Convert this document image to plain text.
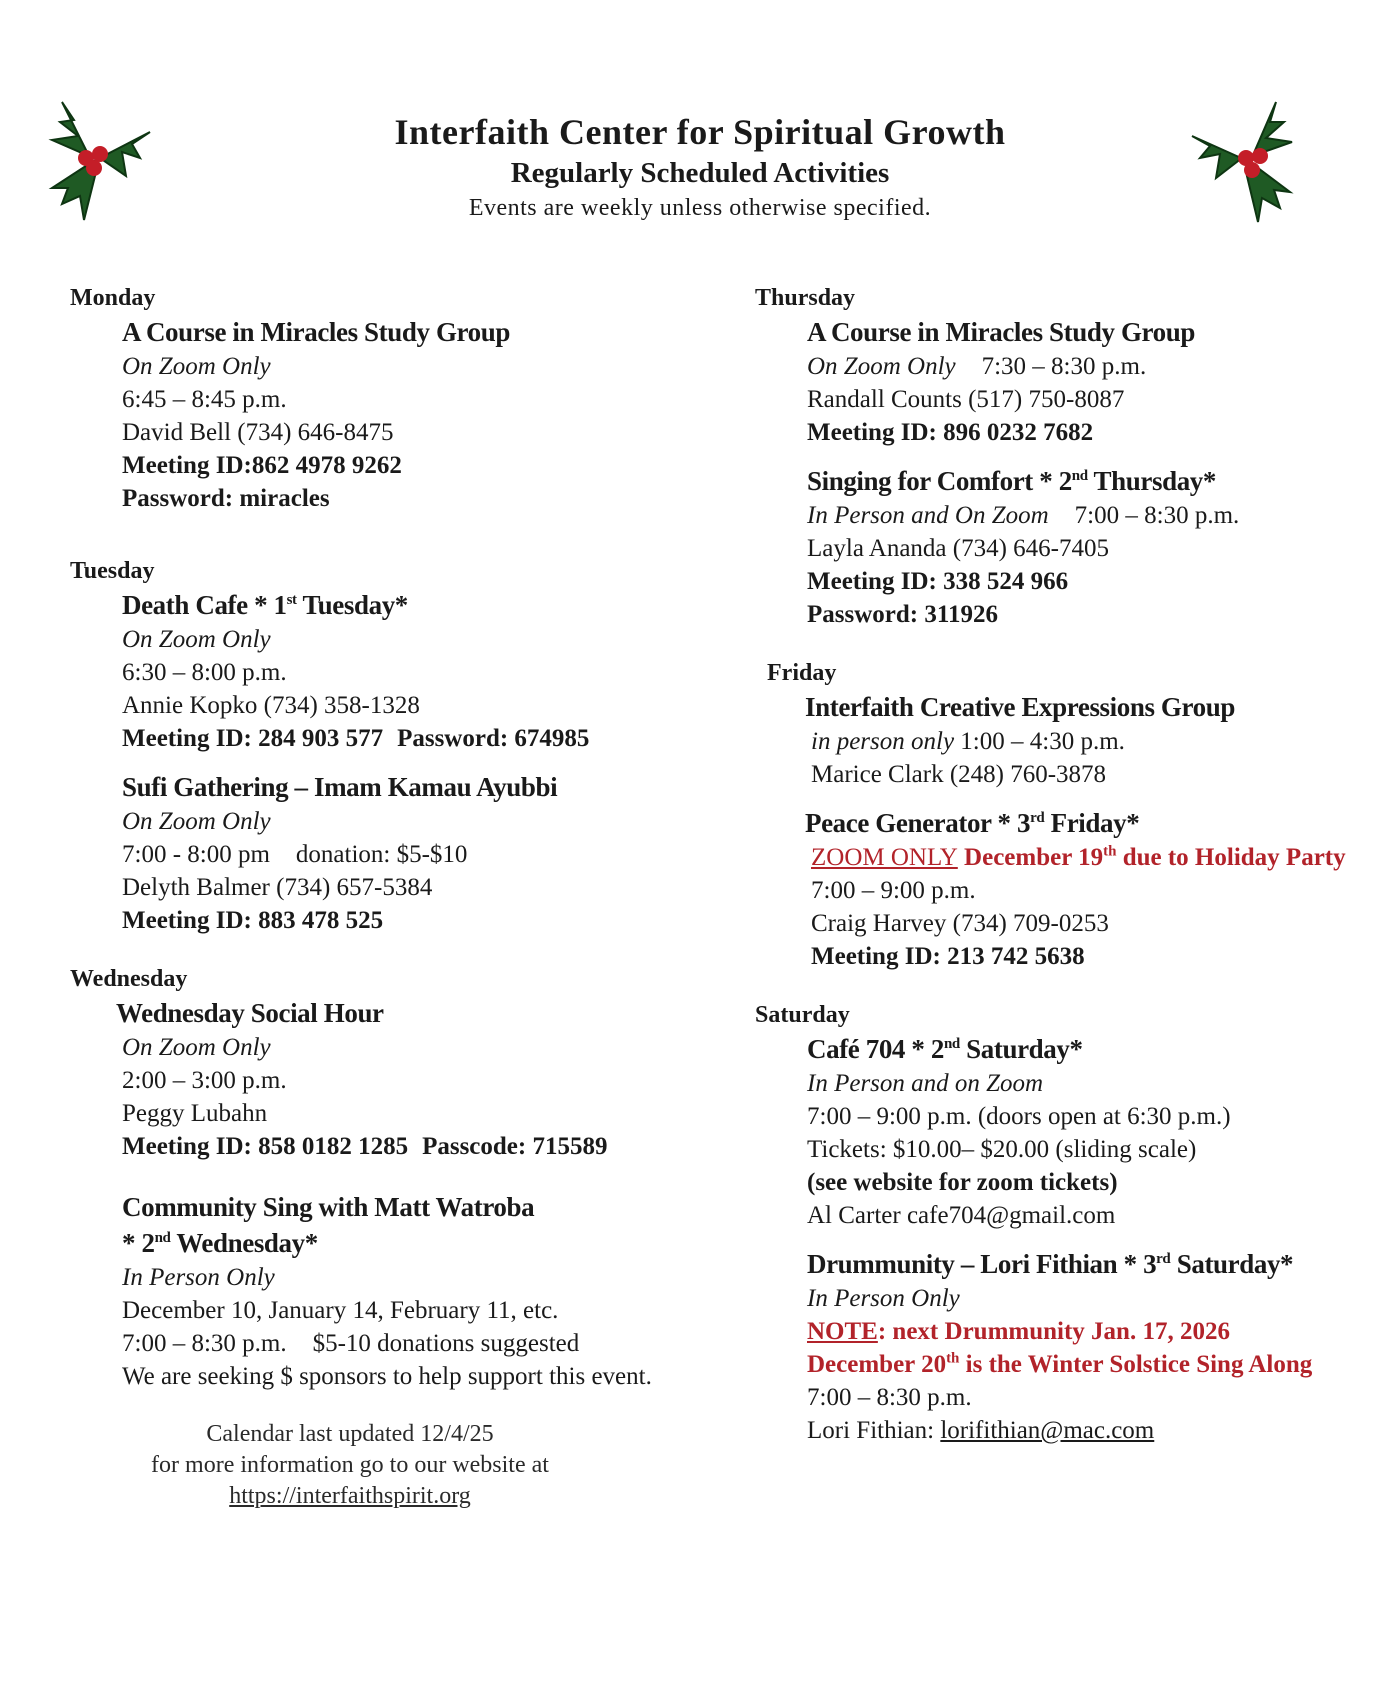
Interfaith Center for Spiritual Growth
Regularly Scheduled Activities
Events are weekly unless otherwise specified.
Monday
A Course in Miracles Study Group
On Zoom Only
6:45 – 8:45 p.m.
David Bell (734) 646-8475
Meeting ID:862 4978 9262
Password: miracles
Tuesday
Death Cafe * 1st Tuesday*
On Zoom Only
6:30 – 8:00 p.m.
Annie Kopko (734) 358-1328
Meeting ID: 284 903 577 Password: 674985
Sufi Gathering – Imam Kamau Ayubbi
On Zoom Only
7:00 - 8:00 pm donation: $5-$10
Delyth Balmer (734) 657-5384
Meeting ID: 883 478 525
Wednesday
Wednesday Social Hour
On Zoom Only
2:00 – 3:00 p.m.
Peggy Lubahn
Meeting ID: 858 0182 1285 Passcode: 715589
Community Sing with Matt Watroba
* 2nd Wednesday*
In Person Only
December 10, January 14, February 11, etc.
7:00 – 8:30 p.m. $5-10 donations suggested
We are seeking $ sponsors to help support this event.
Calendar last updated 12/4/25
for more information go to our website at
https://interfaithspirit.org
Thursday
A Course in Miracles Study Group
On Zoom Only 7:30 – 8:30 p.m.
Randall Counts (517) 750-8087
Meeting ID: 896 0232 7682
Singing for Comfort * 2nd Thursday*
In Person and On Zoom 7:00 – 8:30 p.m.
Layla Ananda (734) 646-7405
Meeting ID: 338 524 966
Password: 311926
Friday
Interfaith Creative Expressions Group
in person only 1:00 – 4:30 p.m.
Marice Clark (248) 760-3878
Peace Generator * 3rd Friday*
ZOOM ONLY December 19th due to Holiday Party
7:00 – 9:00 p.m.
Craig Harvey (734) 709-0253
Meeting ID: 213 742 5638
Saturday
Café 704 * 2nd Saturday*
In Person and on Zoom
7:00 – 9:00 p.m. (doors open at 6:30 p.m.)
Tickets: $10.00– $20.00 (sliding scale)
(see website for zoom tickets)
Al Carter cafe704@gmail.com
Drummunity – Lori Fithian * 3rd Saturday*
In Person Only
NOTE: next Drummunity Jan. 17, 2026
December 20th is the Winter Solstice Sing Along
7:00 – 8:30 p.m.
Lori Fithian: lorifithian@mac.com
